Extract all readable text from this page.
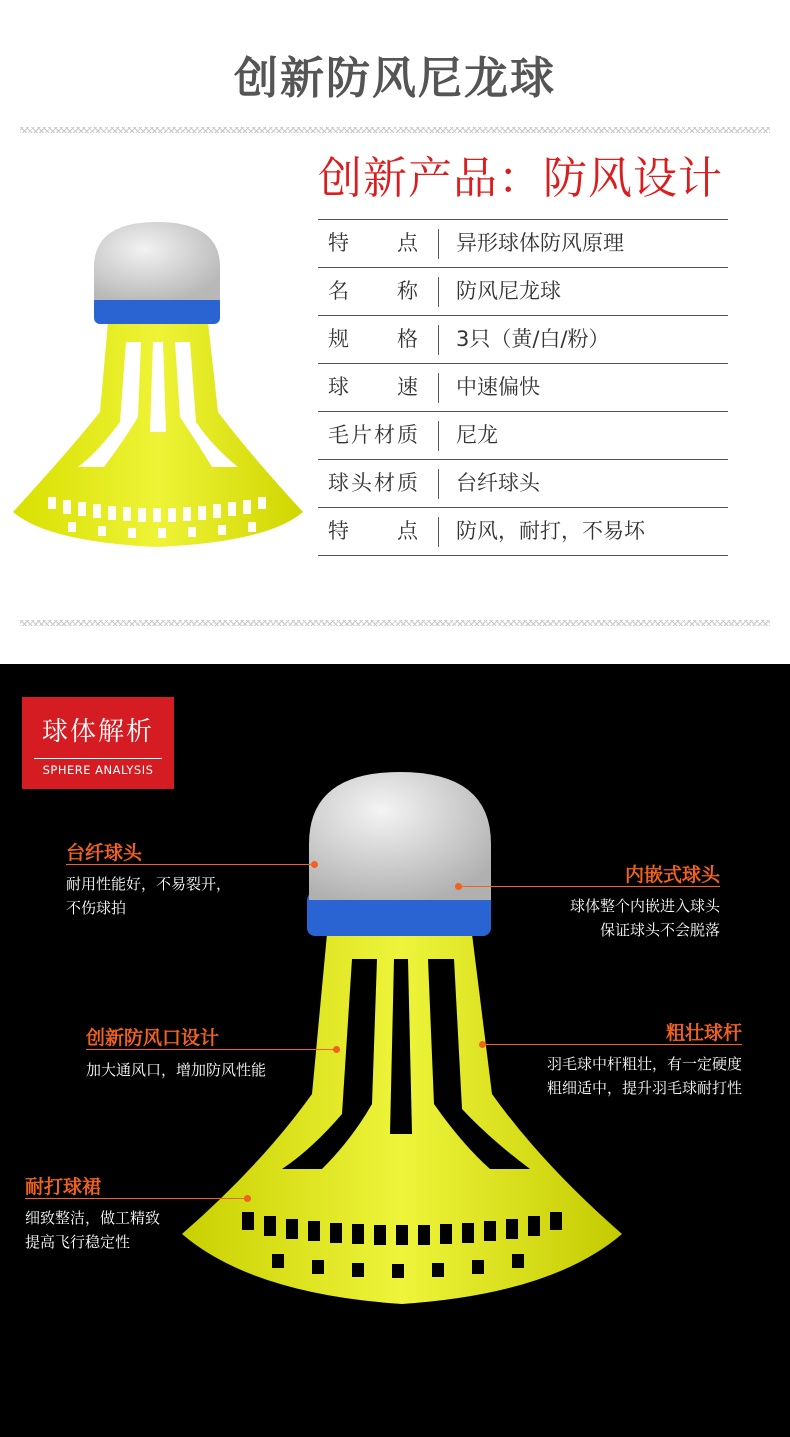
创新防风尼龙球
创新产品：防风设计
特点 异形球体防风原理
名称 防风尼龙球
规格 3只（黄/白/粉）
球速 中速偏快
毛片材质 尼龙
球头材质 台纤球头
特点 防风，耐打，不易坏
球体解析
SPHERE ANALYSIS
台纤球头
耐用性能好，不易裂开，
不伤球拍
内嵌式球头
球体整个内嵌进入球头
保证球头不会脱落
创新防风口设计
加大通风口，增加防风性能
粗壮球杆
羽毛球中杆粗壮，有一定硬度
粗细适中，提升羽毛球耐打性
耐打球裙
细致整洁，做工精致
提高飞行稳定性
